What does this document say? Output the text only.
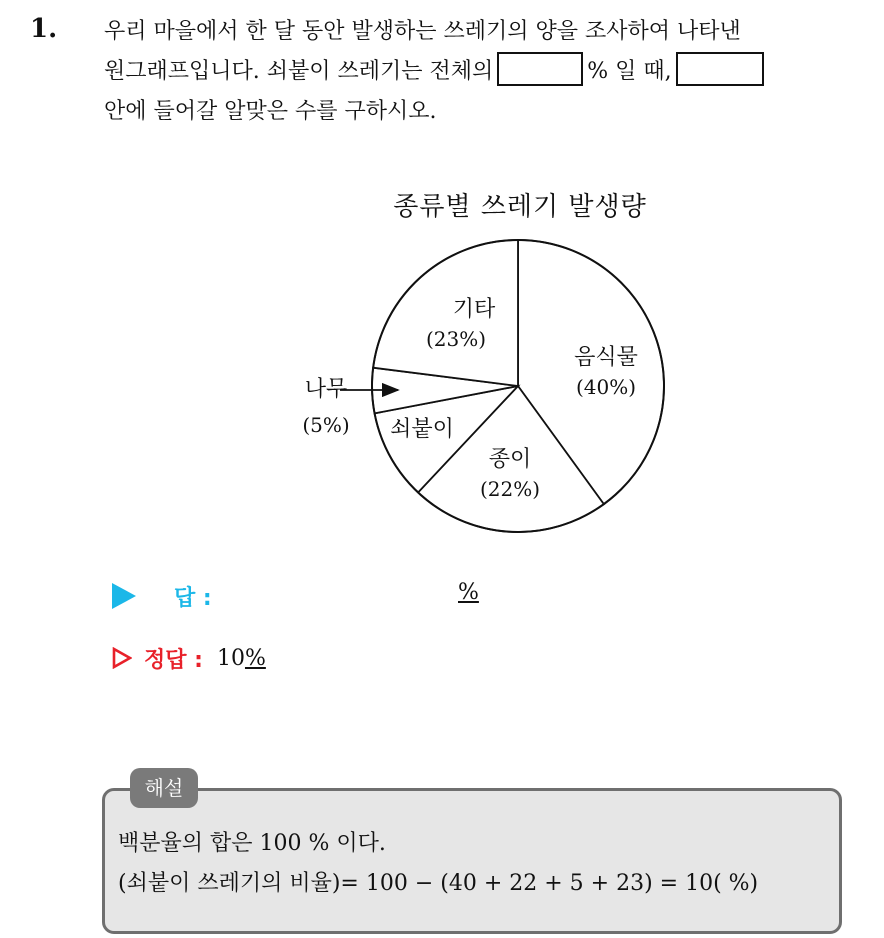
1. 우리 마을에서 한 달 동안 발생하는 쓰레기의 양을 조사하여 나타낸
원그래프입니다. 쇠붙이 쓰레기는 전체의	% 일 때,
안에 들어갈 알맞은 수를 구하시오.
종류별 쓰레기 발생량
기타
(23%)
음식물
(40%)
나무
(5%) 쇠붙이
종이
(22%)
답 :	%
정답 : 10 %
해설
백분율의 합은 100 % 이다.
(쇠붙이 쓰레기의 비율)= 100 − (40 + 22 + 5 + 23) = 10( %)
